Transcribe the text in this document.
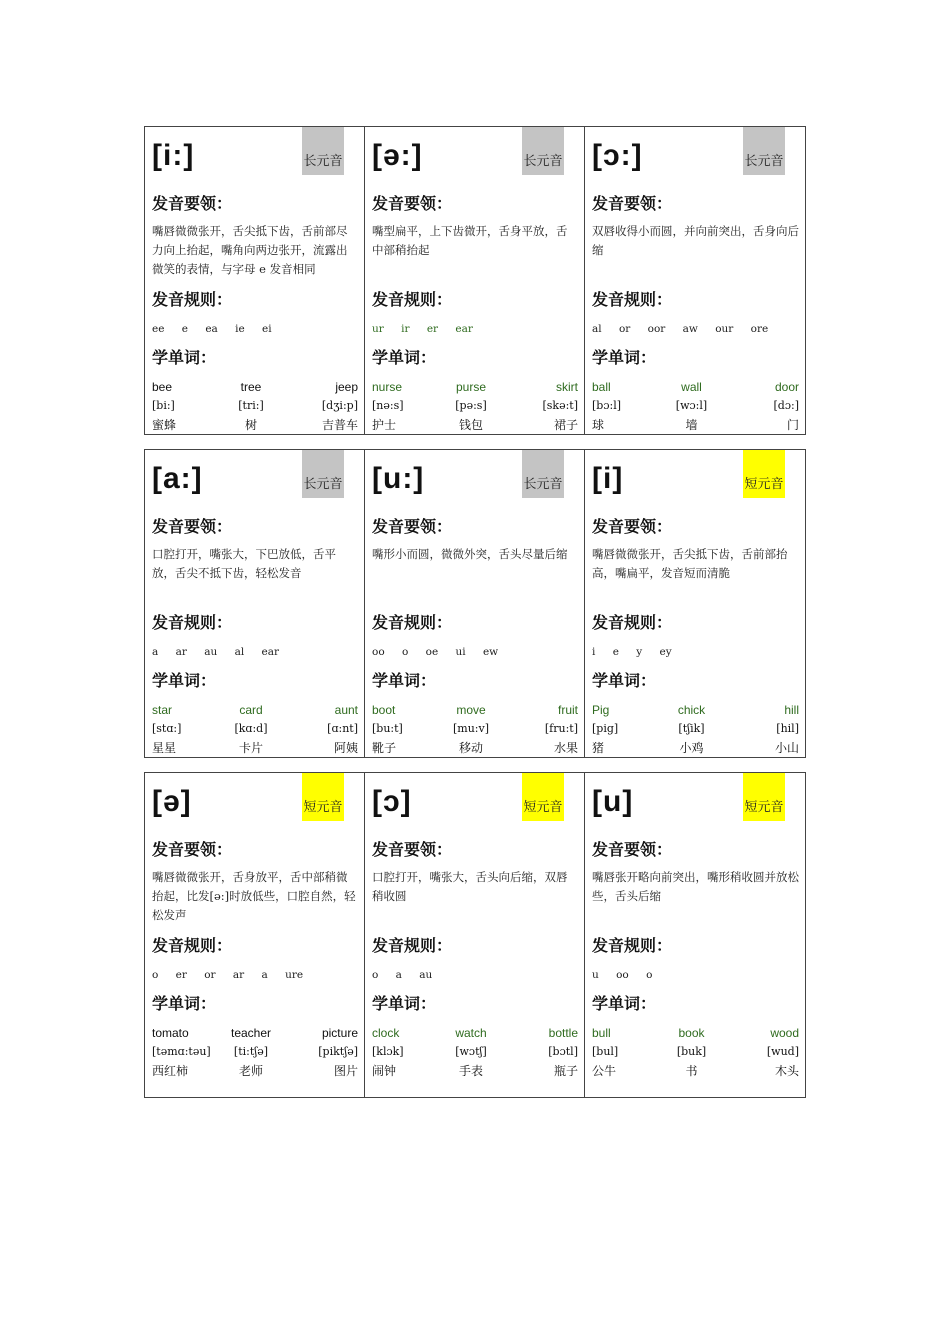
[i:]	长元音
发音要领：
嘴唇微微张开，舌尖抵下齿，舌前部尽力向上抬起，嘴角向两边张开，流露出微笑的表情，与字母 e 发音相同
发音规则：
ee e ea ie ei
学单词：
bee	tree	jeep
[bi:]	[tri:]	[dʒi:p]
蜜蜂	树	吉普车
[ə:]	长元音
发音要领：
嘴型扁平，上下齿微开，舌身平放，舌中部稍抬起
发音规则：
ur ir er ear
学单词：
nurse	purse	skirt
[nə:s]	[pə:s]	[skə:t]
护士	钱包	裙子
[ɔ:]	长元音
发音要领：
双唇收得小而圆，并向前突出，舌身向后缩
发音规则：
al or oor aw our ore
学单词：
ball	wall	door
[bɔ:l]	[wɔ:l]	[dɔ:]
球	墙	门
[a:]	长元音
发音要领：
口腔打开，嘴张大，下巴放低，舌平放，舌尖不抵下齿，轻松发音
发音规则：
a ar au al ear
学单词：
star	card	aunt
[stɑ:]	[kɑ:d]	[ɑ:nt]
星星	卡片	阿姨
[u:]	长元音
发音要领：
嘴形小而圆，微微外突，舌头尽量后缩
发音规则：
oo o oe ui ew
学单词：
boot	move	fruit
[bu:t]	[mu:v]	[fru:t]
靴子	移动	水果
[i]	短元音
发音要领：
嘴唇微微张开，舌尖抵下齿，舌前部抬高，嘴扁平，发音短而清脆
发音规则：
i e y ey
学单词：
Pig	chick	hill
[pig]	[tʃik]	[hil]
猪	小鸡	小山
[ə]	短元音
发音要领：
嘴唇微微张开，舌身放平，舌中部稍微抬起，比发[ə:]时放低些，口腔自然，轻松发声
发音规则：
o er or ar a ure
学单词：
tomato	teacher	picture
[təmɑ:təu]	[ti:tʃə]	[piktʃə]
西红柿	老师	图片
[ɔ]	短元音
发音要领：
口腔打开，嘴张大，舌头向后缩，双唇稍收圆
发音规则：
o a au
学单词：
clock	watch	bottle
[klɔk]	[wɔtʃ]	[bɔtl]
闹钟	手表	瓶子
[u]	短元音
发音要领：
嘴唇张开略向前突出，嘴形稍收圆并放松些，舌头后缩
发音规则：
u oo o
学单词：
bull	book	wood
[bul]	[buk]	[wud]
公牛	书	木头
